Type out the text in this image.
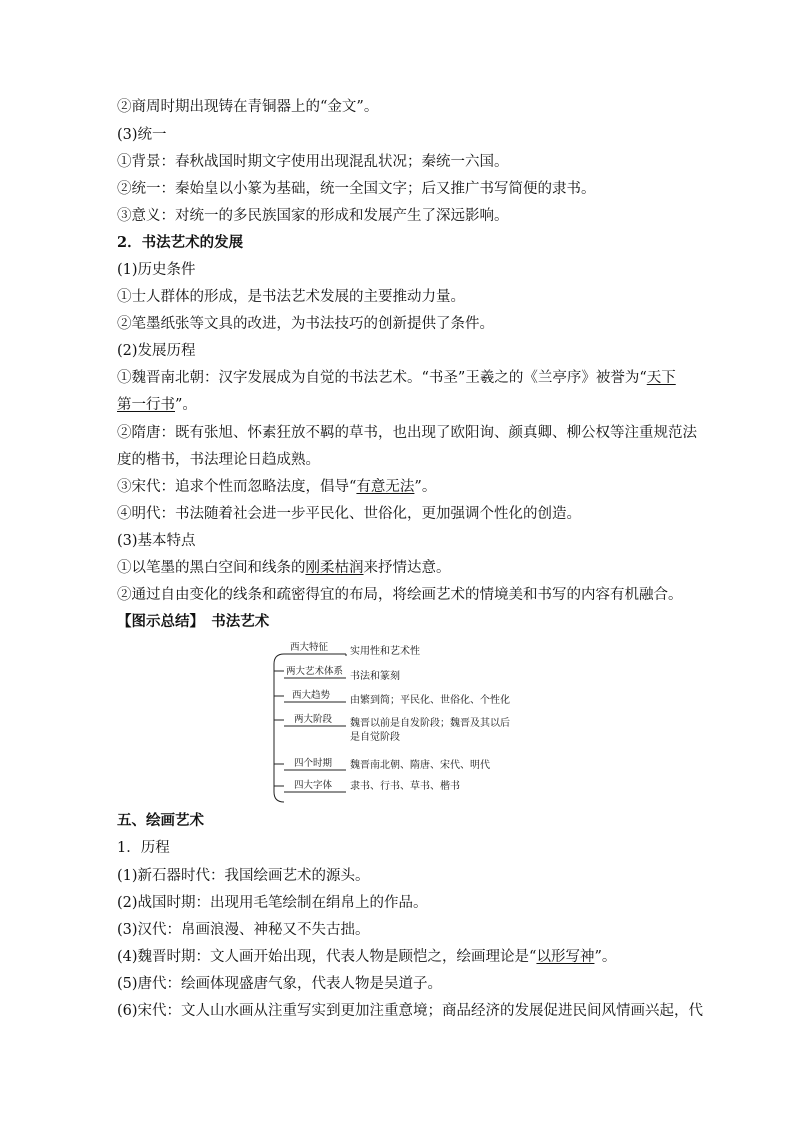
②商周时期出现铸在青铜器上的“金文”。
(3)统一
①背景：春秋战国时期文字使用出现混乱状况；秦统一六国。
②统一：秦始皇以小篆为基础，统一全国文字；后又推广书写简便的隶书。
③意义：对统一的多民族国家的形成和发展产生了深远影响。
2．书法艺术的发展
(1)历史条件
①士人群体的形成，是书法艺术发展的主要推动力量。
②笔墨纸张等文具的改进，为书法技巧的创新提供了条件。
(2)发展历程
①魏晋南北朝：汉字发展成为自觉的书法艺术。“书圣”王羲之的《兰亭序》被誉为“天下
第一行书”。
②隋唐：既有张旭、怀素狂放不羁的草书，也出现了欧阳询、颜真卿、柳公权等注重规范法
度的楷书，书法理论日趋成熟。
③宋代：追求个性而忽略法度，倡导“有意无法”。
④明代：书法随着社会进一步平民化、世俗化，更加强调个性化的创造。
(3)基本特点
①以笔墨的黑白空间和线条的刚柔枯润来抒情达意。
②通过自由变化的线条和疏密得宜的布局，将绘画艺术的情境美和书写的内容有机融合。
【图示总结】　书法艺术
西大特征 实用性和艺术性
两大艺术体系 书法和篆刻
西大趋势 由繁到简；平民化、世俗化、个性化
两大阶段 魏晋以前是自发阶段；魏晋及其以后
是自觉阶段
四个时期 魏晋南北朝、隋唐、宋代、明代
四大字体 隶书、行书、草书、楷书
五、绘画艺术
1．历程
(1)新石器时代：我国绘画艺术的源头。
(2)战国时期：出现用毛笔绘制在绢帛上的作品。
(3)汉代：帛画浪漫、神秘又不失古拙。
(4)魏晋时期：文人画开始出现，代表人物是顾恺之，绘画理论是“以形写神”。
(5)唐代：绘画体现盛唐气象，代表人物是吴道子。
(6)宋代：文人山水画从注重写实到更加注重意境；商品经济的发展促进民间风情画兴起，代
